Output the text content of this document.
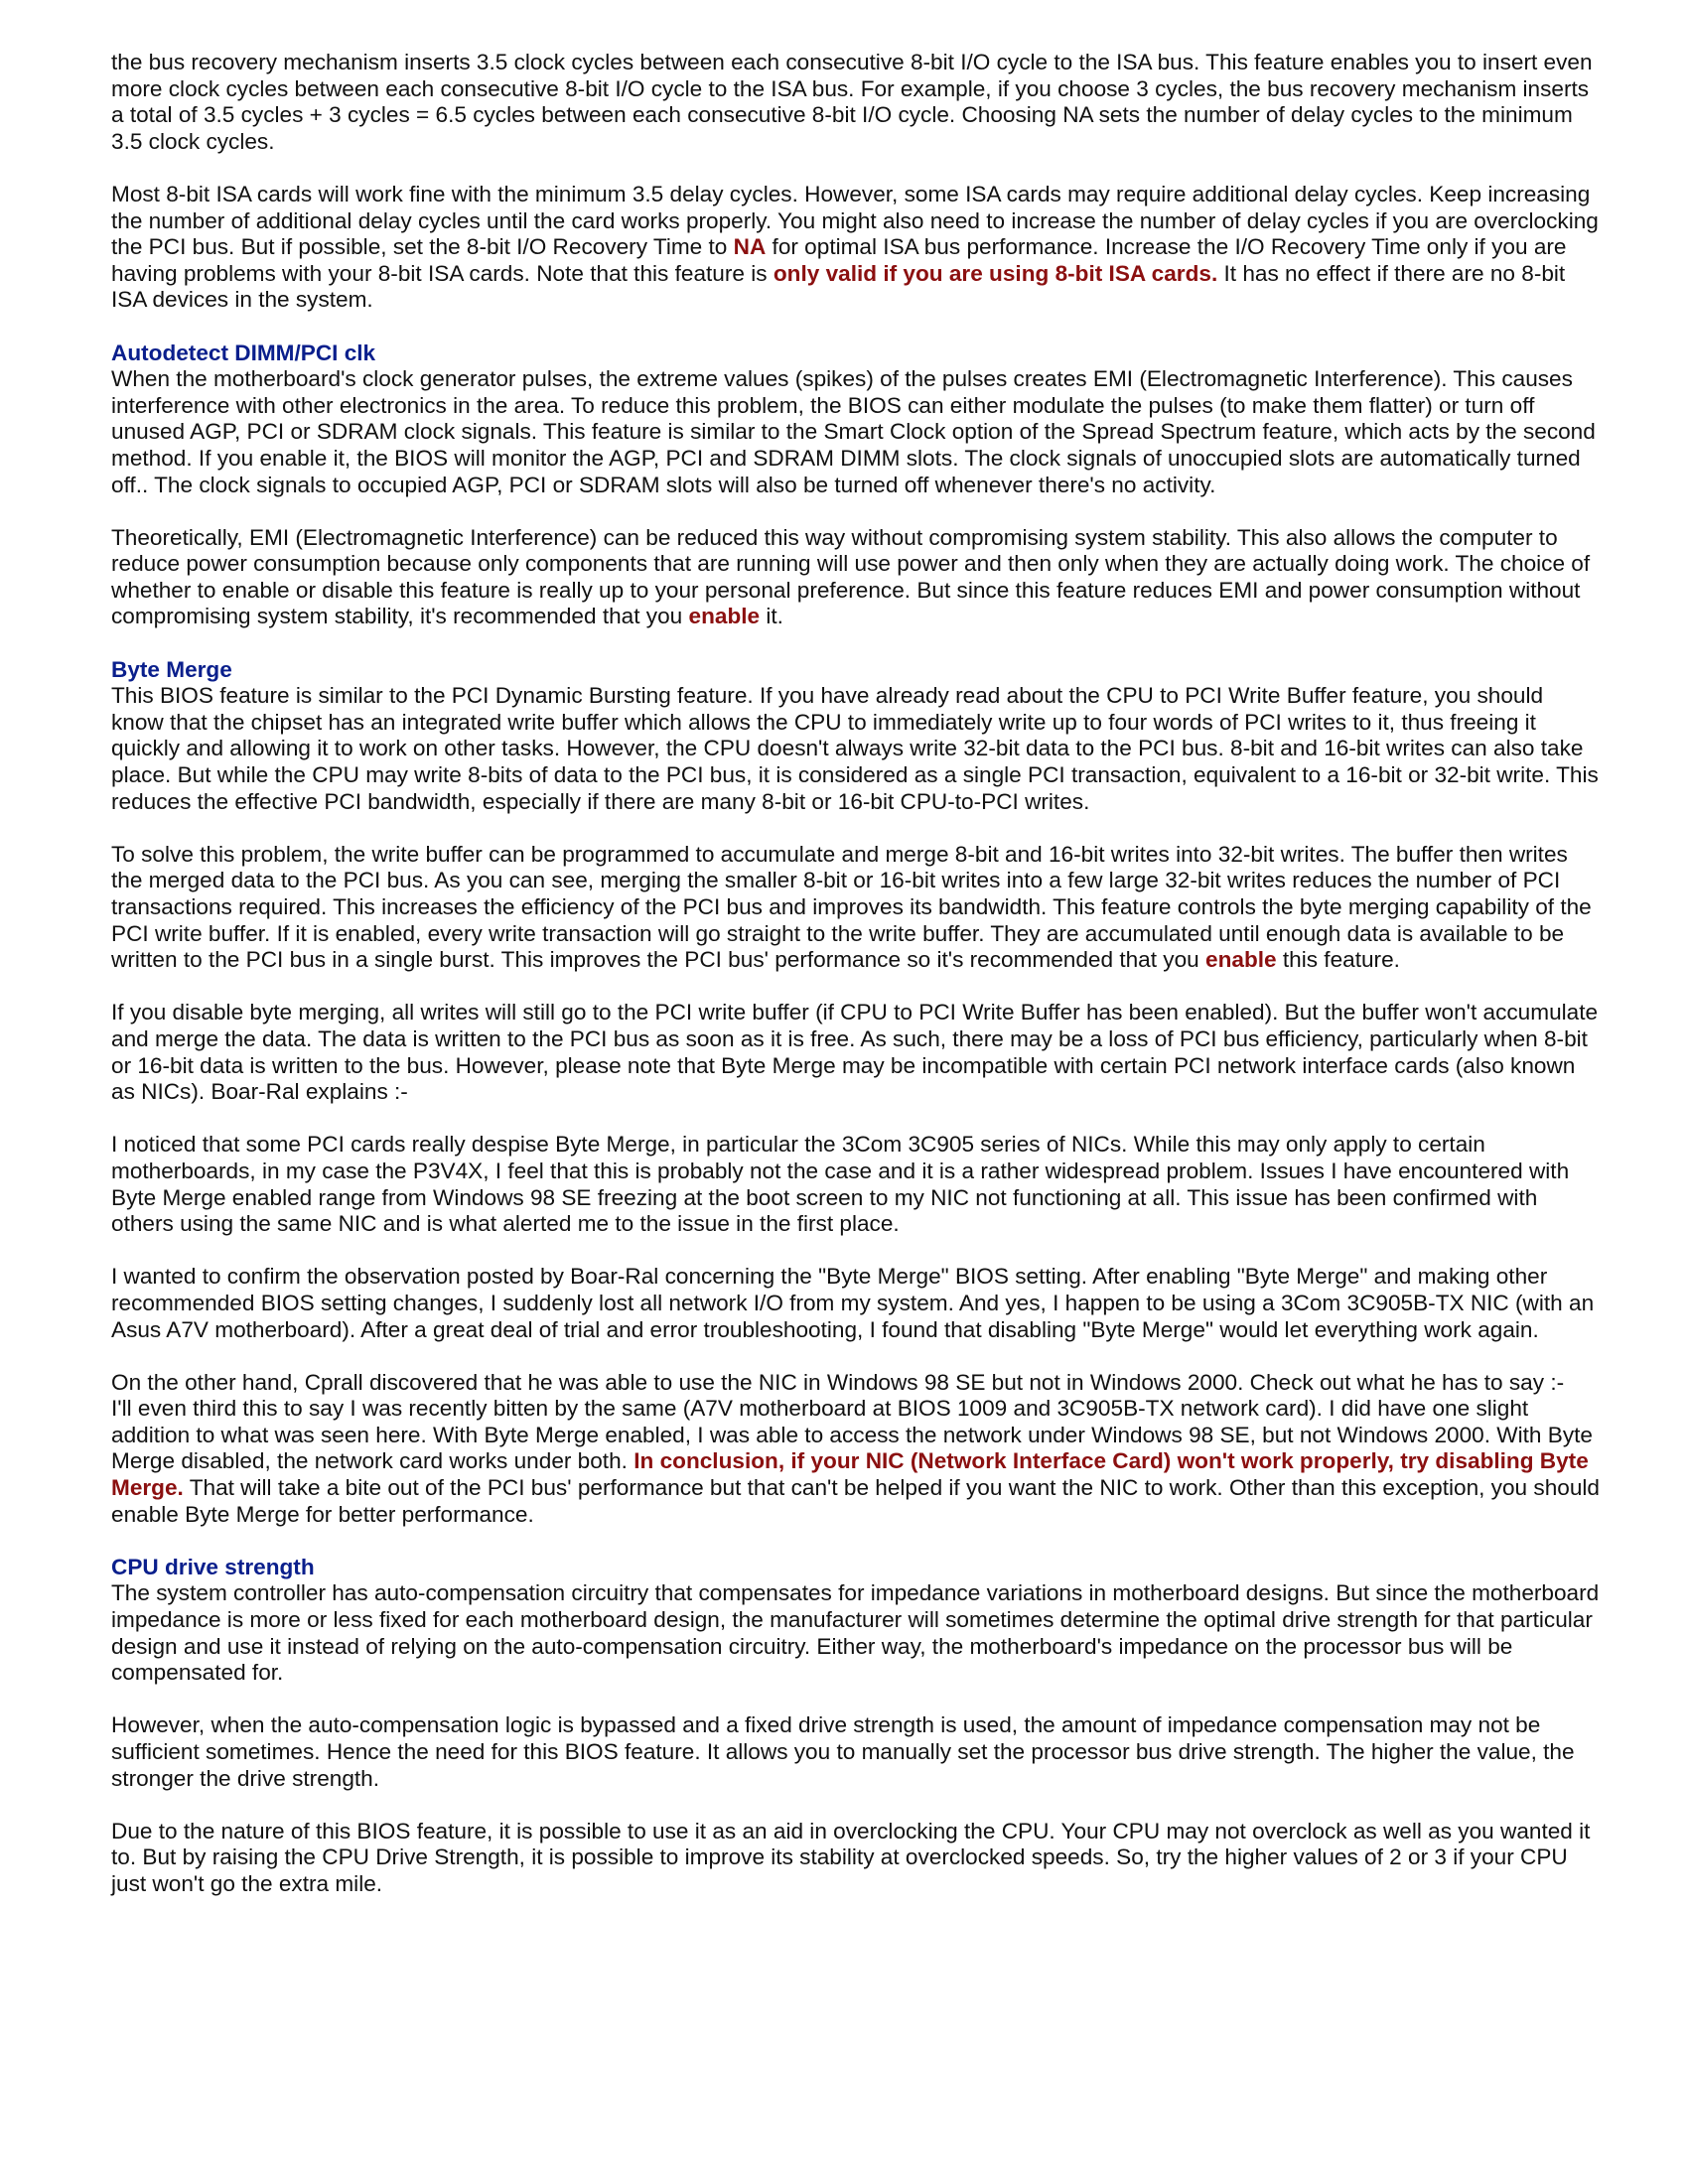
the bus recovery mechanism inserts 3.5 clock cycles between each consecutive 8-bit I/O cycle to the ISA bus. This feature enables you to insert even more clock cycles between each consecutive 8-bit I/O cycle to the ISA bus. For example, if you choose 3 cycles, the bus recovery mechanism inserts a total of 3.5 cycles + 3 cycles = 6.5 cycles between each consecutive 8-bit I/O cycle. Choosing NA sets the number of delay cycles to the minimum 3.5 clock cycles.

Most 8-bit ISA cards will work fine with the minimum 3.5 delay cycles. However, some ISA cards may require additional delay cycles. Keep increasing the number of additional delay cycles until the card works properly. You might also need to increase the number of delay cycles if you are overclocking the PCI bus. But if possible, set the 8-bit I/O Recovery Time to NA for optimal ISA bus performance. Increase the I/O Recovery Time only if you are having problems with your 8-bit ISA cards. Note that this feature is only valid if you are using 8-bit ISA cards. It has no effect if there are no 8-bit ISA devices in the system.

Autodetect DIMM/PCI clk

When the motherboard's clock generator pulses, the extreme values (spikes) of the pulses creates EMI (Electromagnetic Interference). This causes interference with other electronics in the area. To reduce this problem, the BIOS can either modulate the pulses (to make them flatter) or turn off unused AGP, PCI or SDRAM clock signals. This feature is similar to the Smart Clock option of the Spread Spectrum feature, which acts by the second method. If you enable it, the BIOS will monitor the AGP, PCI and SDRAM DIMM slots. The clock signals of unoccupied slots are automatically turned off.. The clock signals to occupied AGP, PCI or SDRAM slots will also be turned off whenever there's no activity.

Theoretically, EMI (Electromagnetic Interference) can be reduced this way without compromising system stability. This also allows the computer to reduce power consumption because only components that are running will use power and then only when they are actually doing work. The choice of whether to enable or disable this feature is really up to your personal preference. But since this feature reduces EMI and power consumption without compromising system stability, it's recommended that you enable it.

Byte Merge

This BIOS feature is similar to the PCI Dynamic Bursting feature. If you have already read about the CPU to PCI Write Buffer feature, you should know that the chipset has an integrated write buffer which allows the CPU to immediately write up to four words of PCI writes to it, thus freeing it quickly and allowing it to work on other tasks. However, the CPU doesn't always write 32-bit data to the PCI bus. 8-bit and 16-bit writes can also take place. But while the CPU may write 8-bits of data to the PCI bus, it is considered as a single PCI transaction, equivalent to a 16-bit or 32-bit write. This reduces the effective PCI bandwidth, especially if there are many 8-bit or 16-bit CPU-to-PCI writes.

To solve this problem, the write buffer can be programmed to accumulate and merge 8-bit and 16-bit writes into 32-bit writes. The buffer then writes the merged data to the PCI bus. As you can see, merging the smaller 8-bit or 16-bit writes into a few large 32-bit writes reduces the number of PCI transactions required. This increases the efficiency of the PCI bus and improves its bandwidth. This feature controls the byte merging capability of the PCI write buffer. If it is enabled, every write transaction will go straight to the write buffer. They are accumulated until enough data is available to be written to the PCI bus in a single burst. This improves the PCI bus' performance so it's recommended that you enable this feature.

If you disable byte merging, all writes will still go to the PCI write buffer (if CPU to PCI Write Buffer has been enabled). But the buffer won't accumulate and merge the data. The data is written to the PCI bus as soon as it is free. As such, there may be a loss of PCI bus efficiency, particularly when 8-bit or 16-bit data is written to the bus. However, please note that Byte Merge may be incompatible with certain PCI network interface cards (also known as NICs). Boar-Ral explains :-

I noticed that some PCI cards really despise Byte Merge, in particular the 3Com 3C905 series of NICs. While this may only apply to certain motherboards, in my case the P3V4X, I feel that this is probably not the case and it is a rather widespread problem. Issues I have encountered with Byte Merge enabled range from Windows 98 SE freezing at the boot screen to my NIC not functioning at all. This issue has been confirmed with others using the same NIC and is what alerted me to the issue in the first place.

I wanted to confirm the observation posted by Boar-Ral concerning the "Byte Merge" BIOS setting. After enabling "Byte Merge" and making other recommended BIOS setting changes, I suddenly lost all network I/O from my system. And yes, I happen to be using a 3Com 3C905B-TX NIC (with an Asus A7V motherboard). After a great deal of trial and error troubleshooting, I found that disabling "Byte Merge" would let everything work again.

On the other hand, Cprall discovered that he was able to use the NIC in Windows 98 SE but not in Windows 2000. Check out what he has to say :-

I'll even third this to say I was recently bitten by the same (A7V motherboard at BIOS 1009 and 3C905B-TX network card). I did have one slight addition to what was seen here. With Byte Merge enabled, I was able to access the network under Windows 98 SE, but not Windows 2000. With Byte Merge disabled, the network card works under both. In conclusion, if your NIC (Network Interface Card) won't work properly, try disabling Byte Merge. That will take a bite out of the PCI bus' performance but that can't be helped if you want the NIC to work. Other than this exception, you should enable Byte Merge for better performance.

CPU drive strength

The system controller has auto-compensation circuitry that compensates for impedance variations in motherboard designs. But since the motherboard impedance is more or less fixed for each motherboard design, the manufacturer will sometimes determine the optimal drive strength for that particular design and use it instead of relying on the auto-compensation circuitry. Either way, the motherboard's impedance on the processor bus will be compensated for.

However, when the auto-compensation logic is bypassed and a fixed drive strength is used, the amount of impedance compensation may not be sufficient sometimes. Hence the need for this BIOS feature. It allows you to manually set the processor bus drive strength. The higher the value, the stronger the drive strength.

Due to the nature of this BIOS feature, it is possible to use it as an aid in overclocking the CPU. Your CPU may not overclock as well as you wanted it to. But by raising the CPU Drive Strength, it is possible to improve its stability at overclocked speeds. So, try the higher values of 2 or 3 if your CPU just won't go the extra mile.
